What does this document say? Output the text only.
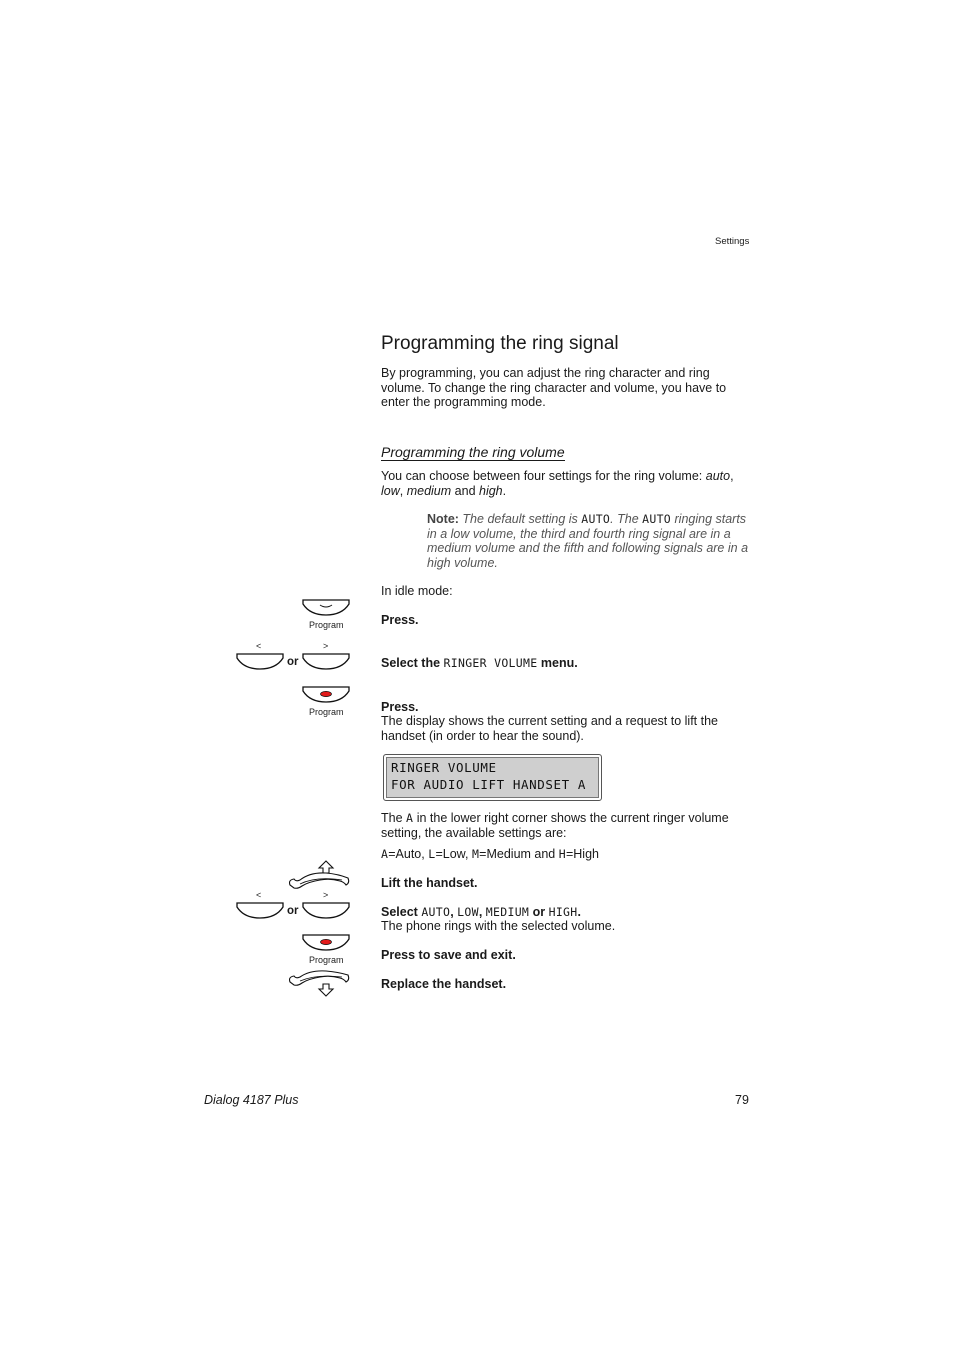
Settings
Programming the ring signal
By programming, you can adjust the ring character and ring volume. To change the ring character and volume, you have to enter the programming mode.
Programming the ring volume
You can choose between four settings for the ring volume: auto, low, medium and high.
Note: The default setting is AUTO. The AUTO ringing starts in a low volume, the third and fourth ring signal are in a medium volume and the fifth and following signals are in a high volume.
In idle mode:
Program	Press.
<	>
or	Select the RINGER VOLUME menu.
Program	Press.
The display shows the current setting and a request to lift the handset (in order to hear the sound).
RINGER VOLUME
FOR AUDIO LIFT HANDSET A
The A in the lower right corner shows the current ringer volume setting, the available settings are:
A=Auto, L=Low, M=Medium and H=High
Lift the handset.
<	>
or	Select AUTO, LOW, MEDIUM or HIGH.
The phone rings with the selected volume.
Program	Press to save and exit.
Replace the handset.
Dialog 4187 Plus	79
